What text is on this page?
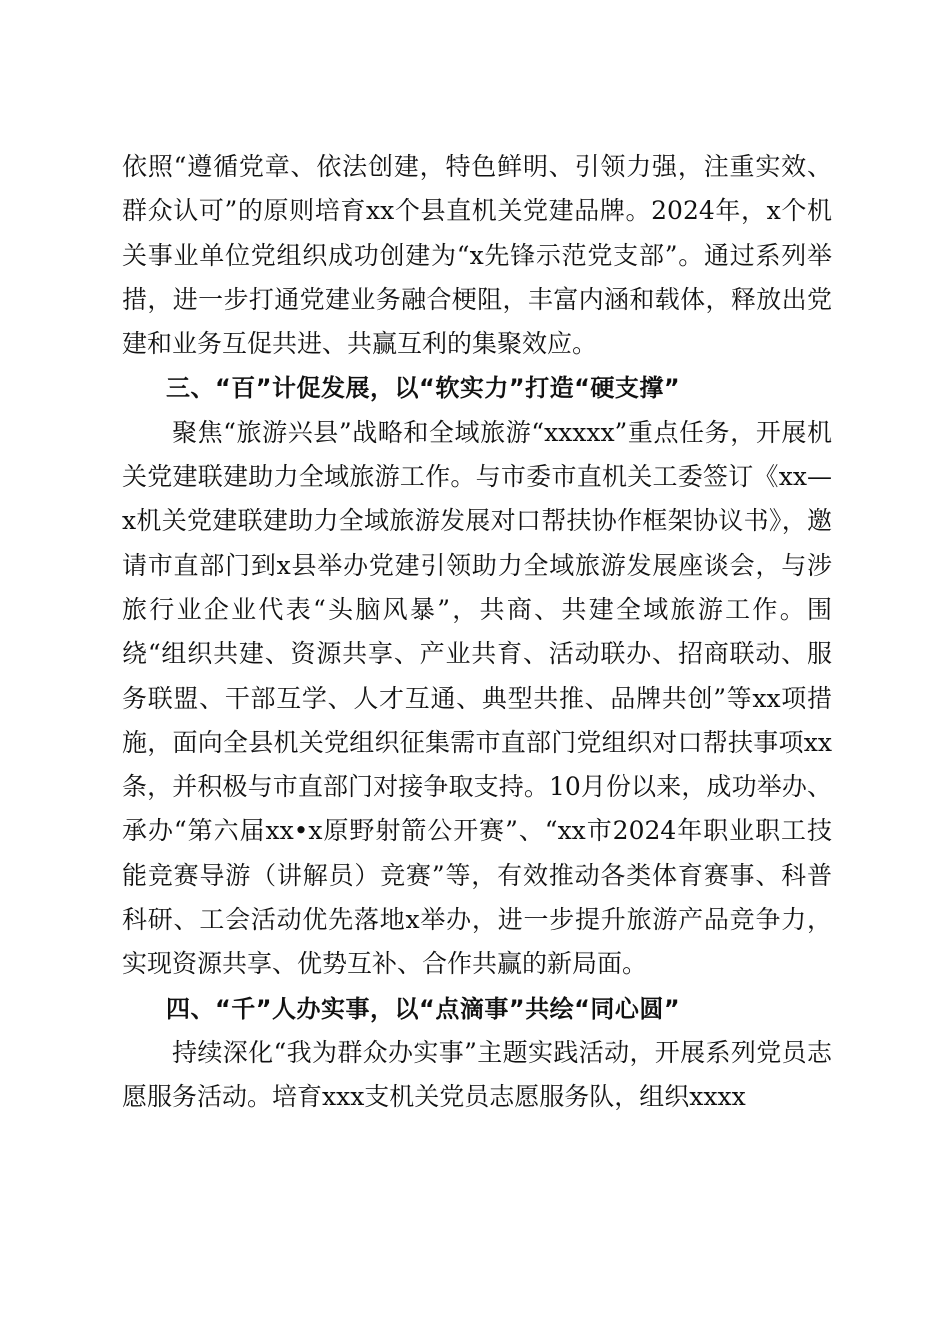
依照“遵循党章、依法创建，特色鲜明、引领力强，注重实效、群众认可”的原则培育xx个县直机关党建品牌。2024年，x个机关事业单位党组织成功创建为“x先锋示范党支部”。通过系列举措，进一步打通党建业务融合梗阻，丰富内涵和载体，释放出党建和业务互促共进、共赢互利的集聚效应。

三、“百”计促发展，以“软实力”打造“硬支撑”

聚焦“旅游兴县”战略和全域旅游“xxxxx”重点任务，开展机关党建联建助力全域旅游工作。与市委市直机关工委签订《xx—x机关党建联建助力全域旅游发展对口帮扶协作框架协议书》，邀请市直部门到x县举办党建引领助力全域旅游发展座谈会，与涉旅行业企业代表“头脑风暴”，共商、共建全域旅游工作。围绕“组织共建、资源共享、产业共育、活动联办、招商联动、服务联盟、干部互学、人才互通、典型共推、品牌共创”等xx项措施，面向全县机关党组织征集需市直部门党组织对口帮扶事项xx条，并积极与市直部门对接争取支持。10月份以来，成功举办、承办“第六届xx•x原野射箭公开赛”、“xx市2024年职业职工技能竞赛导游（讲解员）竞赛”等，有效推动各类体育赛事、科普科研、工会活动优先落地x举办，进一步提升旅游产品竞争力，实现资源共享、优势互补、合作共赢的新局面。

四、“千”人办实事，以“点滴事”共绘“同心圆”

持续深化“我为群众办实事”主题实践活动，开展系列党员志愿服务活动。培育xxx支机关党员志愿服务队，组织xxxx
